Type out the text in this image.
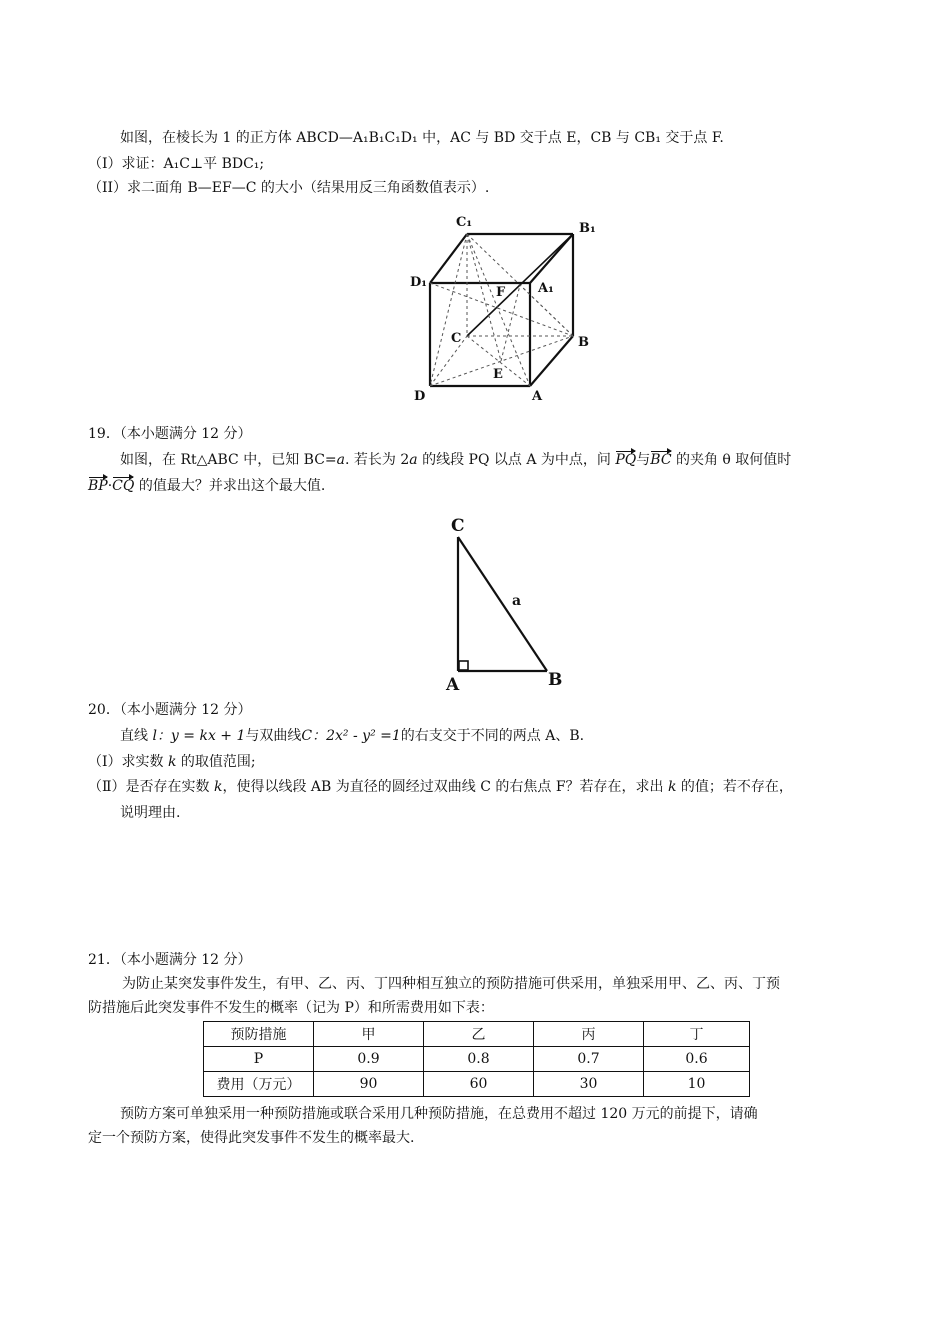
如图，在棱长为 1 的正方体 ABCD—A₁B₁C₁D₁ 中，AC 与 BD 交于点 E，CB 与 CB₁ 交于点 F.
（I）求证：A₁C⊥平 BDC₁;
（II）求二面角 B—EF—C 的大小（结果用反三角函数值表示）.
C₁	B₁
D₁
F	A₁
C	B
E
D	A
19．（本小题满分 12 分）
如图，在 Rt△ABC 中，已知 BC=a. 若长为 2a 的线段 PQ 以点 A 为中点，问 PQ与BC 的夹角 θ 取何值时
BP·CQ 的值最大？并求出这个最大值.
C
A	B
a
20．（本小题满分 12 分）
直线 l：y = kx + 1与双曲线C：2x² - y² =1的右支交于不同的两点 A、B.
（Ⅰ）求实数 k 的取值范围;
（Ⅱ）是否存在实数 k，使得以线段 AB 为直径的圆经过双曲线 C 的右焦点 F？若存在，求出 k 的值；若不存在，
说明理由.
21．（本小题满分 12 分）
为防止某突发事件发生，有甲、乙、丙、丁四种相互独立的预防措施可供采用，单独采用甲、乙、丙、丁预
防措施后此突发事件不发生的概率（记为 P）和所需费用如下表：
预防措施	甲	乙	丙	丁
P	0.9	0.8	0.7	0.6
费用（万元）	90	60	30	10
预防方案可单独采用一种预防措施或联合采用几种预防措施，在总费用不超过 120 万元的前提下，请确
定一个预防方案，使得此突发事件不发生的概率最大.
